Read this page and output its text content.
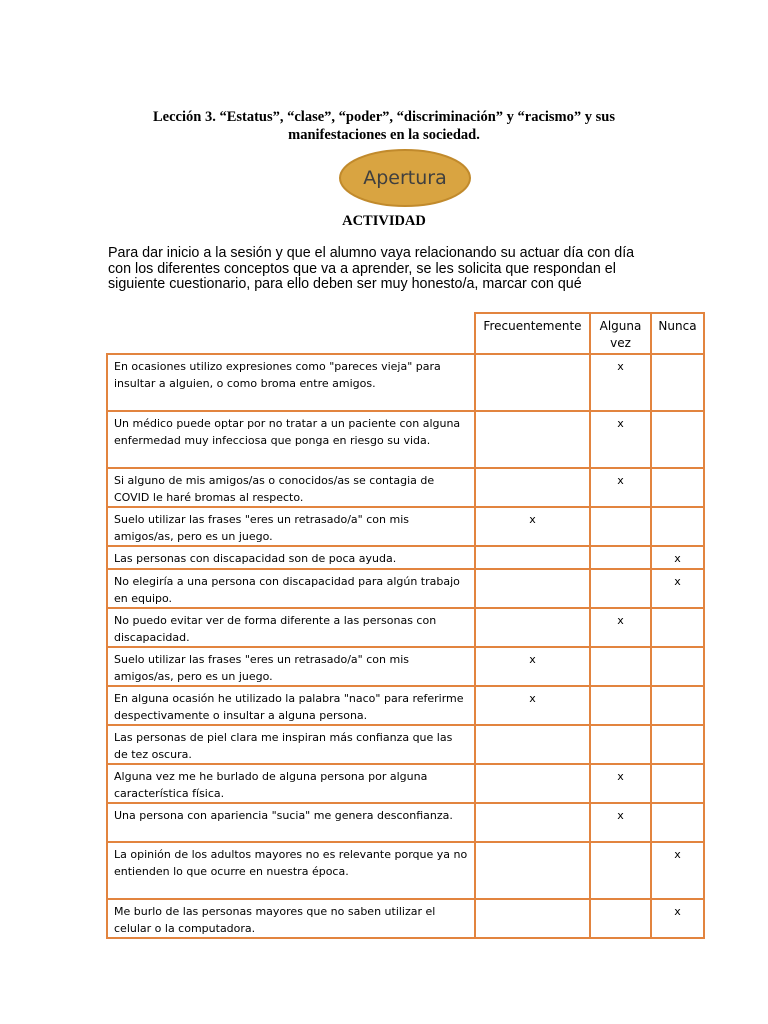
Lección 3. “Estatus”, “clase”, “poder”, “discriminación” y “racismo” y sus
manifestaciones en la sociedad.
Apertura
ACTIVIDAD
Para dar inicio a la sesión y que el alumno vaya relacionando su actuar día con día
con los diferentes conceptos que va a aprender, se les solicita que respondan el
siguiente cuestionario, para ello deben ser muy honesto/a, marcar con qué
	Frecuentemente	Alguna vez	Nunca
En ocasiones utilizo expresiones como "pareces vieja" para insultar a alguien, o como broma entre amigos.		x	
Un médico puede optar por no tratar a un paciente con alguna enfermedad muy infecciosa que ponga en riesgo su vida.		x	
Si alguno de mis amigos/as o conocidos/as se contagia de COVID le haré bromas al respecto.		x	
Suelo utilizar las frases "eres un retrasado/a" con mis amigos/as, pero es un juego.	x		
Las personas con discapacidad son de poca ayuda.			x
No elegiría a una persona con discapacidad para algún trabajo en equipo.			x
No puedo evitar ver de forma diferente a las personas con discapacidad.		x	
Suelo utilizar las frases "eres un retrasado/a" con mis amigos/as, pero es un juego.	x		
En alguna ocasión he utilizado la palabra "naco" para referirme despectivamente o insultar a alguna persona.	x		
Las personas de piel clara me inspiran más confianza que las de tez oscura.			
Alguna vez me he burlado de alguna persona por alguna característica física.		x	
Una persona con apariencia "sucia" me genera desconfianza.		x	
La opinión de los adultos mayores no es relevante porque ya no entienden lo que ocurre en nuestra época.			x
Me burlo de las personas mayores que no saben utilizar el celular o la computadora.			x
